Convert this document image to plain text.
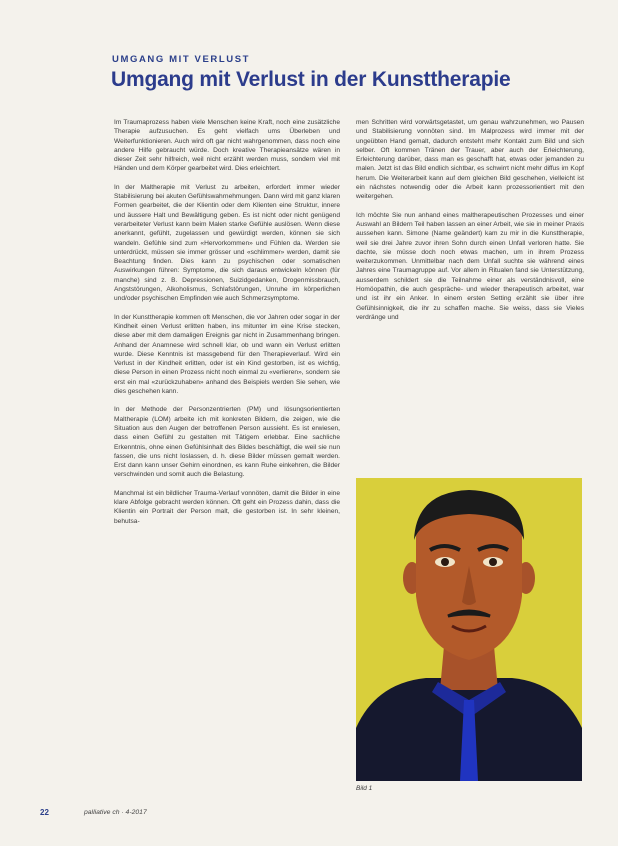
UMGANG MIT VERLUST

Umgang mit Verlust in der Kunsttherapie

Im Traumaprozess haben viele Menschen keine Kraft, noch eine zusätzliche Therapie aufzusuchen. Es geht vielfach ums Überleben und Weiterfunktionieren. Auch wird oft gar nicht wahrgenommen, dass noch eine andere Hilfe gebraucht würde. Doch kreative Therapieansätze wären in dieser Zeit sehr hilfreich, weil nicht erzählt werden muss, sondern viel mit Händen und dem Körper gearbeitet wird. Dies erleichtert.

In der Maltherapie mit Verlust zu arbeiten, erfordert immer wieder Stabilisierung bei akuten Gefühlswahrnehmungen. Dann wird mit ganz klaren Formen gearbeitet, die der Klientin oder dem Klienten eine Struktur, innere und äussere Halt und Bewältigung geben. Es ist nicht oder nicht genügend verarbeiteter Verlust kann beim Malen starke Gefühle auslösen. Wenn diese anerkannt, gefühlt, zugelassen und gewürdigt werden, können sie sich wandeln. Gefühle sind zum «Hervorkommen» und Fühlen da. Werden sie unterdrückt, müssen sie immer grösser und «schlimmer» werden, damit sie Beachtung finden. Dies kann zu psychischen oder somatischen Auswirkungen führen: Symptome, die sich daraus entwickeln können (für manche) sind z. B. Depressionen, Suizidgedanken, Drogenmissbrauch, Angststörungen, Alkoholismus, Schlafstörungen, Unruhe im körperlichen und/oder psychischen Empfinden wie auch Schmerzsymptome.

In der Kunsttherapie kommen oft Menschen, die vor Jahren oder sogar in der Kindheit einen Verlust erlitten haben, ins mitunter im eine Krise stecken, diese aber mit dem damaligen Ereignis gar nicht in Zusammenhang bringen. Anhand der Anamnese wird schnell klar, ob und wann ein Verlust erlitten wurde. Diese Kenntnis ist massgebend für den Therapieverlauf. Wird ein Verlust in der Kindheit erlitten, oder ist ein Kind gestorben, ist es wichtig, diese Person in einen Prozess nicht noch einmal zu «verlieren», sondern sie erst ein mal «zurückzuhaben» anhand des Beispiels werden Sie sehen, wie dies geschehen kann.

In der Methode der Personzentrierten (PM) und lösungsorientierten Maltherapie (LOM) arbeite ich mit konkreten Bildern, die zeigen, wie die Situation aus den Augen der betroffenen Person aussieht. Es ist erwiesen, dass einen Gefühl zu gestalten mit Tätigem erlebbar. Eine sachliche Erkenntnis, ohne einen Gefühlsinhalt des Bildes beschäftigt, die weil sie nun fassen, die uns nicht loslassen, d. h. diese Bilder müssen gemalt werden. Erst dann kann unser Gehirn einordnen, es kann Ruhe einkehren, die Bilder verschwinden und somit auch die Belastung.

Manchmal ist ein bildlicher Trauma-Verlauf vonnöten, damit die Bilder in eine klare Abfolge gebracht werden können. Oft geht ein Prozess dahin, dass die Klientin ein Portrait der Person malt, die gestorben ist. In sehr kleinen, behutsa-

men Schritten wird vorwärtsgetastet, um genau wahrzunehmen, wo Pausen und Stabilisierung vonnöten sind. Im Malprozess wird immer mit der ungeübten Hand gemalt, dadurch entsteht mehr Kontakt zum Bild und sich selber. Oft kommen Tränen der Trauer, aber auch der Erleichterung, Erleichterung darüber, dass man es geschafft hat, etwas oder jemanden zu malen. Jetzt ist das Bild endlich sichtbar, es schwirrt nicht mehr diffus im Kopf herum. Die Weiterarbeit kann auf dem gleichen Bild geschehen, vielleicht ist ein nächstes notwendig oder die Arbeit kann prozessorientiert mit den weitergehen.

Ich möchte Sie nun anhand eines maltherapeutischen Prozesses und einer Auswahl an Bildern Teil haben lassen an einer Arbeit, wie sie in meiner Praxis aussehen kann. Simone (Name geändert) kam zu mir in die Kunsttherapie, weil sie drei Jahre zuvor ihren Sohn durch einen Unfall verloren hatte. Sie dachte, sie müsse doch noch etwas machen, um in ihrem Prozess weiterzukommen. Unmittelbar nach dem Unfall suchte sie während eines Jahres eine Traumagruppe auf. Vor allem in Ritualen fand sie Unterstützung, ausserdem schildert sie die Teilnahme einer als verständnisvoll, eine Homöopathin, die auch gespräche- und wieder therapeutisch arbeitet, war und ist ihr ein Anker. In einem ersten Setting erzählt sie über ihre Gefühlsinnigkeit, die ihr zu schaffen mache. Sie weiss, dass sie Vieles verdränge und

Bild 1
22	palliative ch · 4-2017
